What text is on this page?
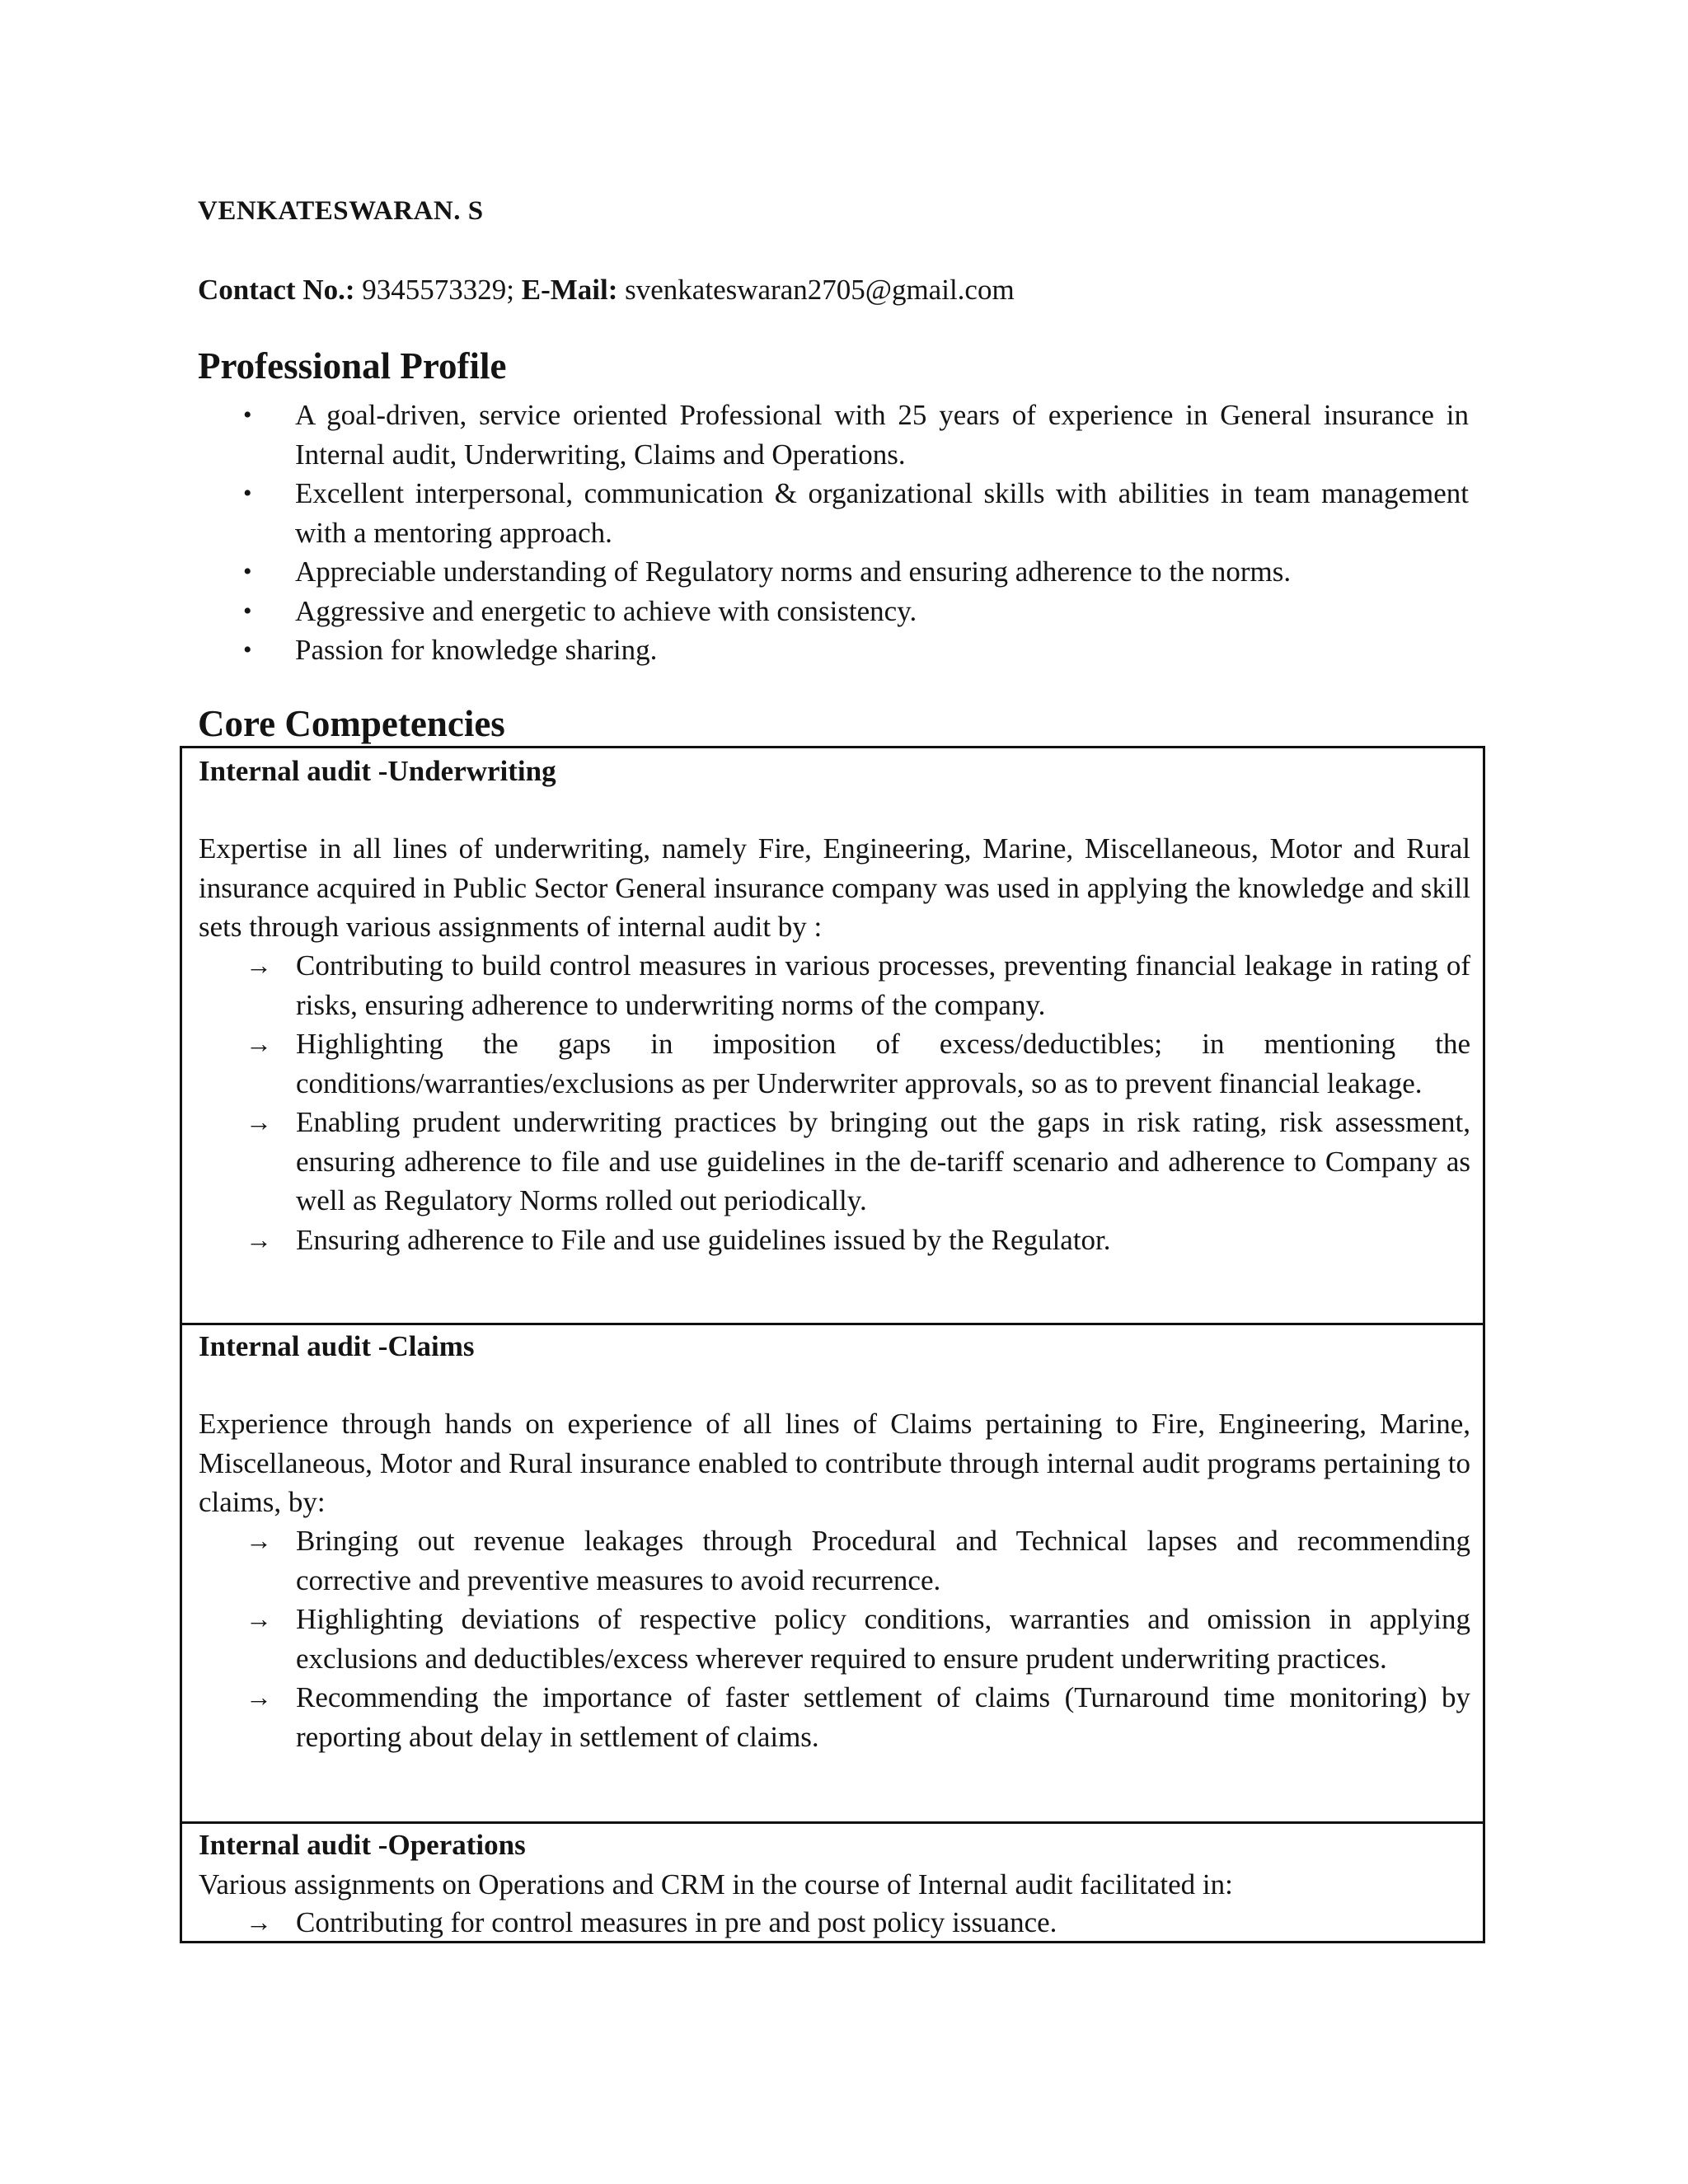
VENKATESWARAN. S
Contact No.: 9345573329; E-Mail: svenkateswaran2705@gmail.com
Professional Profile
• A goal-driven, service oriented Professional with 25 years of experience in General insurance in Internal audit, Underwriting, Claims and Operations.
• Excellent interpersonal, communication & organizational skills with abilities in team management with a mentoring approach.
• Appreciable understanding of Regulatory norms and ensuring adherence to the norms.
• Aggressive and energetic to achieve with consistency.
• Passion for knowledge sharing.
Core Competencies
Internal audit -Underwriting
Expertise in all lines of underwriting, namely Fire, Engineering, Marine, Miscellaneous, Motor and Rural insurance acquired in Public Sector General insurance company was used in applying the knowledge and skill sets through various assignments of internal audit by :
→ Contributing to build control measures in various processes, preventing financial leakage in rating of risks, ensuring adherence to underwriting norms of the company.
→ Highlighting the gaps in imposition of excess/deductibles; in mentioning the conditions/warranties/exclusions as per Underwriter approvals, so as to prevent financial leakage.
→ Enabling prudent underwriting practices by bringing out the gaps in risk rating, risk assessment, ensuring adherence to file and use guidelines in the de-tariff scenario and adherence to Company as well as Regulatory Norms rolled out periodically.
→ Ensuring adherence to File and use guidelines issued by the Regulator.
Internal audit -Claims
Experience through hands on experience of all lines of Claims pertaining to Fire, Engineering, Marine, Miscellaneous, Motor and Rural insurance enabled to contribute through internal audit programs pertaining to claims, by:
→ Bringing out revenue leakages through Procedural and Technical lapses and recommending corrective and preventive measures to avoid recurrence.
→ Highlighting deviations of respective policy conditions, warranties and omission in applying exclusions and deductibles/excess wherever required to ensure prudent underwriting practices.
→ Recommending the importance of faster settlement of claims (Turnaround time monitoring) by reporting about delay in settlement of claims.
Internal audit -Operations
Various assignments on Operations and CRM in the course of Internal audit facilitated in:
→ Contributing for control measures in pre and post policy issuance.
